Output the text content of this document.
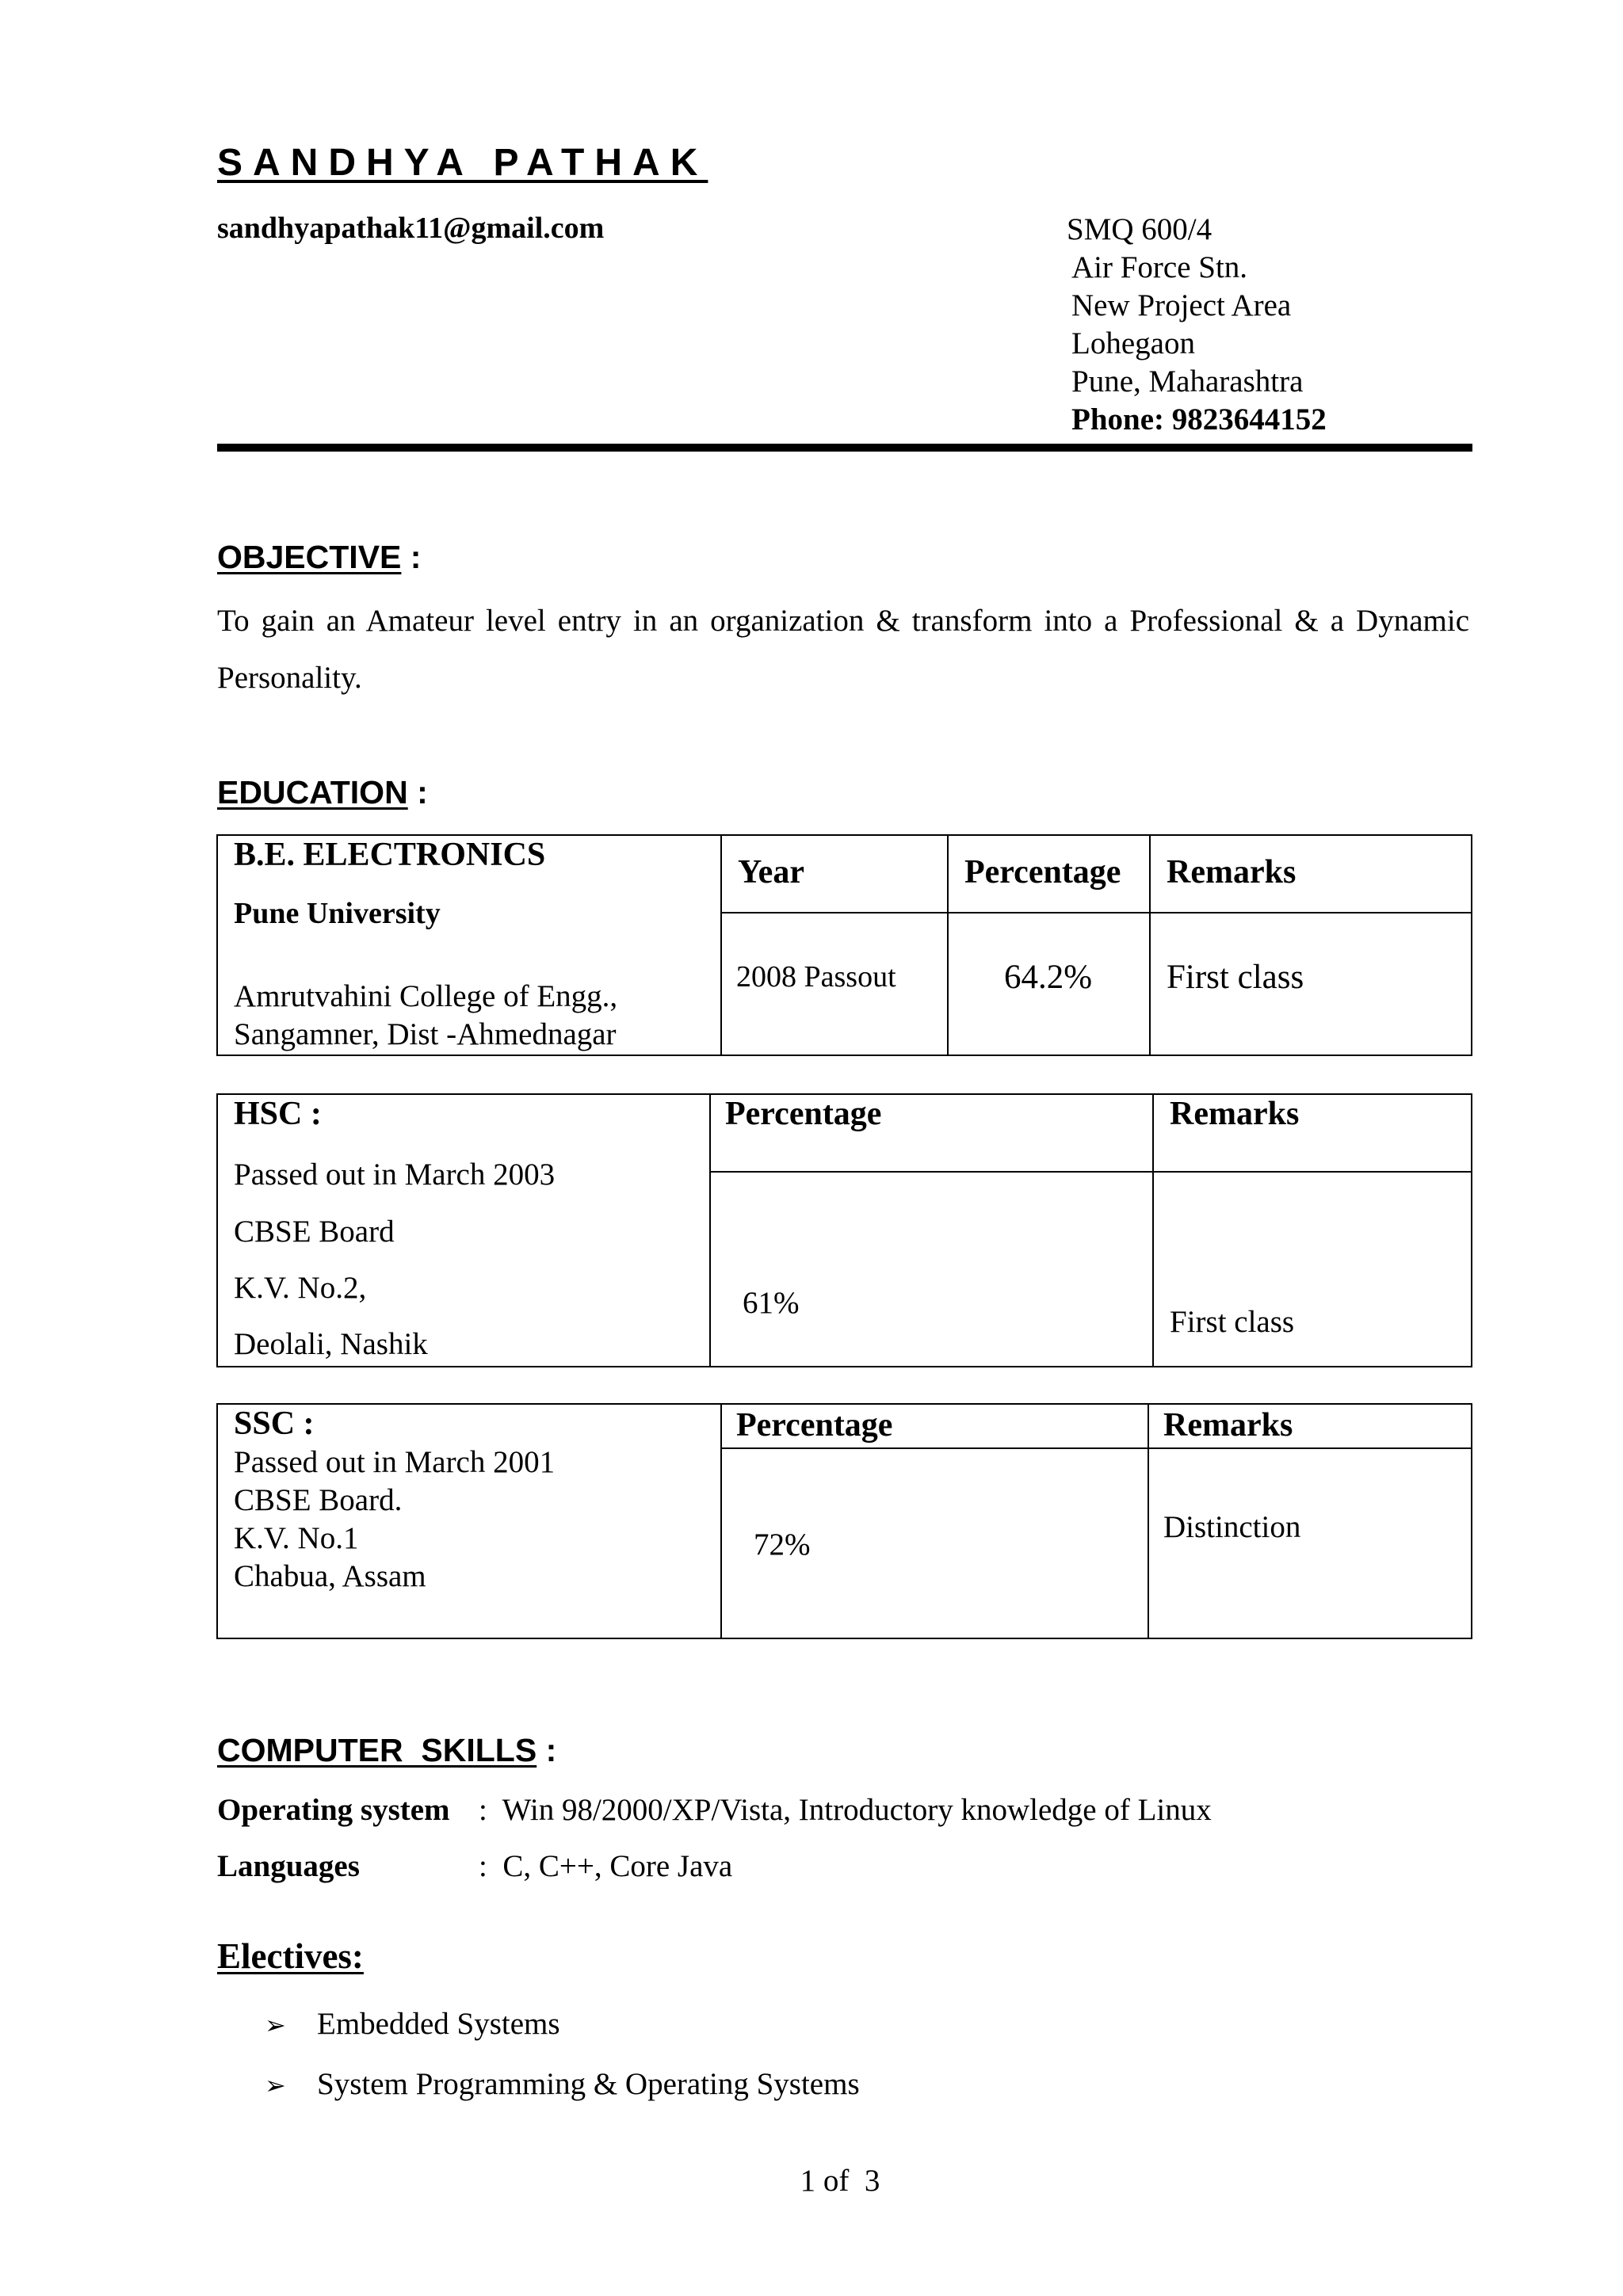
SANDHYA PATHAK
sandhyapathak11@gmail.com	SMQ 600/4
Air Force Stn.
New Project Area
Lohegaon
Pune, Maharashtra
Phone: 9823644152
OBJECTIVE :
To gain an Amateur level entry in an organization & transform into a Professional & a Dynamic Personality.
EDUCATION :
B.E. ELECTRONICS
Pune University
Amrutvahini College of Engg.,
Sangamner, Dist -Ahmednagar	Year	Percentage	Remarks

	2008 Passout	64.2%	First class
HSC :
Passed out in March 2003
CBSE Board
K.V. No.2,
Deolali, Nashik	Percentage	Remarks

	61%	First class
SSC :
Passed out in March 2001
CBSE Board.
K.V. No.1
Chabua, Assam	Percentage	Remarks

	72%	Distinction
COMPUTER  SKILLS :
Operating system :  Win 98/2000/XP/Vista, Introductory knowledge of Linux
Languages	:  C, C++, Core Java
Electives:
➢ Embedded Systems
➢ System Programming & Operating Systems
1 of  3
